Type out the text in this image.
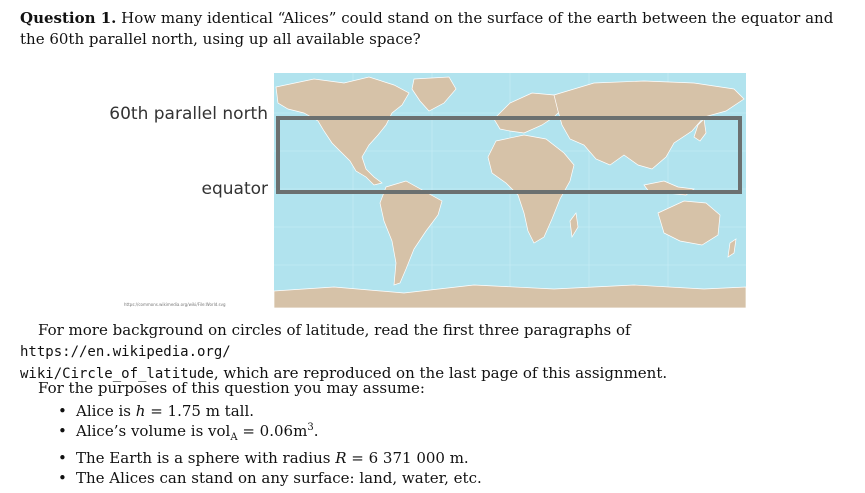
Question 1. How many identical “Alices” could stand on the surface of the earth between the equator and the 60th parallel north, using up all available space?
60th parallel north
equator
https://commons.wikimedia.org/wiki/File:World.svg
For more background on circles of latitude, read the first three paragraphs of https://en.wikipedia.org/
wiki/Circle_of_latitude, which are reproduced on the last page of this assignment.
For the purposes of this question you may assume:
• Alice is h = 1.75 m tall.
• Alice’s volume is $vol_A = 0.06m^3$.
• The Earth is a sphere with radius R = 6 371 000 m.
• The Alices can stand on any surface: land, water, etc.
